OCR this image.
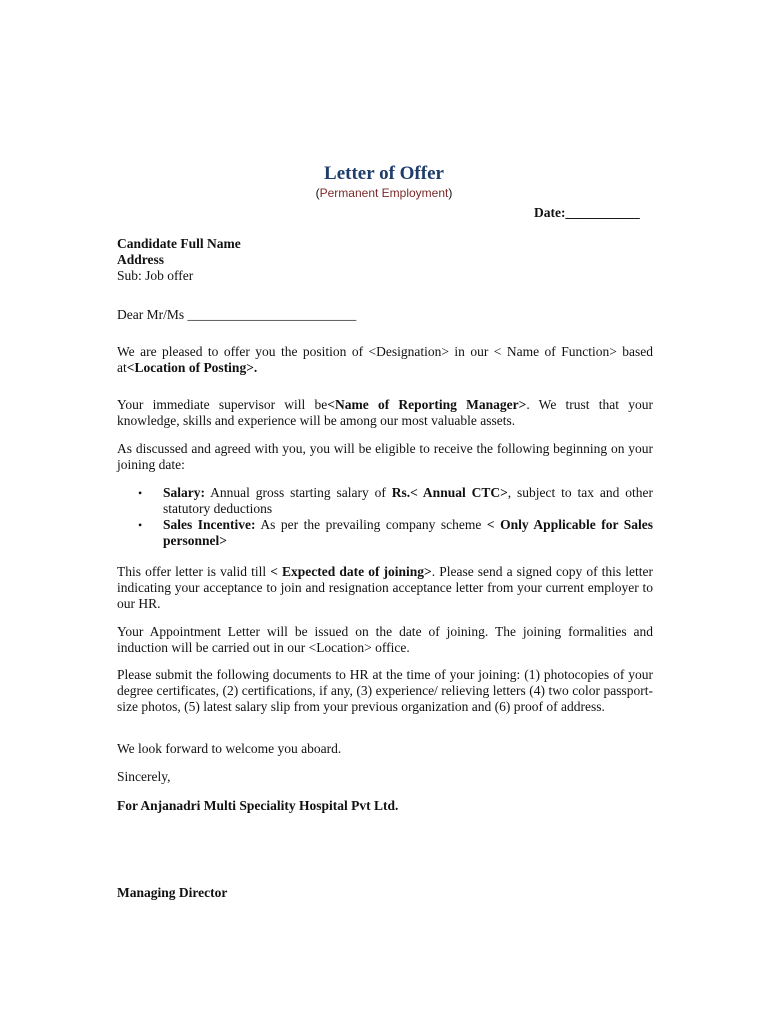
Letter of Offer
(Permanent Employment)
Date:___________
Candidate Full Name
Address
Sub: Job offer
Dear Mr/Ms _________________________
We are pleased to offer you the position of <Designation> in our < Name of Function> based at<Location of Posting>.
Your immediate supervisor will be<Name of Reporting Manager>. We trust that your knowledge, skills and experience will be among our most valuable assets.
As discussed and agreed with you, you will be eligible to receive the following beginning on your joining date:
• Salary: Annual gross starting salary of Rs.< Annual CTC>, subject to tax and other statutory deductions
• Sales Incentive: As per the prevailing company scheme < Only Applicable for Sales personnel>
This offer letter is valid till < Expected date of joining>. Please send a signed copy of this letter indicating your acceptance to join and resignation acceptance letter from your current employer to our HR.
Your Appointment Letter will be issued on the date of joining. The joining formalities and induction will be carried out in our <Location> office.
Please submit the following documents to HR at the time of your joining: (1) photocopies of your degree certificates, (2) certifications, if any, (3) experience/ relieving letters (4) two color passport-size photos, (5) latest salary slip from your previous organization and (6) proof of address.
We look forward to welcome you aboard.
Sincerely,
For Anjanadri Multi Speciality Hospital Pvt Ltd.
Managing Director
